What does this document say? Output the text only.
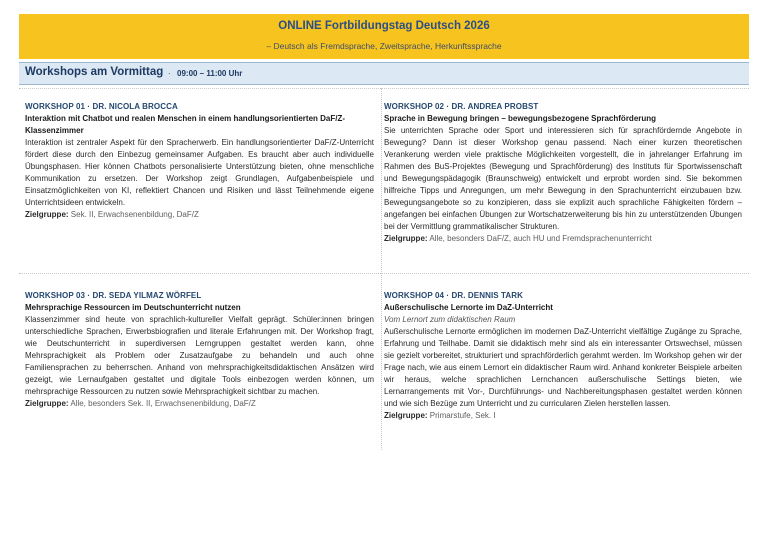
ONLINE Fortbildungstag Deutsch 2026
– Deutsch als Fremdsprache, Zweitsprache, Herkunftssprache
Workshops am Vormittag · 09:00 – 11:00 Uhr
WORKSHOP 01 · DR. NICOLA BROCCA
Interaktion mit Chatbot und realen Menschen in einem handlungsorientierten DaF/Z-Klassenzimmer
Interaktion ist zentraler Aspekt für den Spracherwerb. Ein handlungsorientierter DaF/Z-Unterricht fördert diese durch den Einbezug gemeinsamer Aufgaben. Es braucht aber auch individuelle Übungsphasen. Hier können Chatbots personalisierte Unterstützung bieten, ohne menschliche Kommunikation zu ersetzen. Der Workshop zeigt Grundlagen, Aufgabenbeispiele und Einsatzmöglichkeiten von KI, reflektiert Chancen und Risiken und lässt Teilnehmende eigene Unterrichtsideen entwickeln.
Zielgruppe: Sek. II, Erwachsenenbildung, DaF/Z
WORKSHOP 02 · DR. ANDREA PROBST
Sprache in Bewegung bringen – bewegungsbezogene Sprachförderung
Sie unterrichten Sprache oder Sport und interessieren sich für sprachfördernde Angebote in Bewegung? Dann ist dieser Workshop genau passend. Nach einer kurzen theoretischen Verankerung werden viele praktische Möglichkeiten vorgestellt, die in jahrelanger Erfahrung im Rahmen des BuS-Projektes (Bewegung und Sprachförderung) des Instituts für Sportwissenschaft und Bewegungspädagogik (Braunschweig) entwickelt und erprobt worden sind. Sie bekommen hilfreiche Tipps und Anregungen, um mehr Bewegung in den Sprachunterricht einzubauen bzw. Bewegungsangebote so zu konzipieren, dass sie explizit auch sprachliche Fähigkeiten fördern – angefangen bei einfachen Übungen zur Wortschatzerweiterung bis hin zu unterstützenden Übungen bei der Vermittlung grammatikalischer Strukturen.
Zielgruppe: Alle, besonders DaF/Z, auch HU und Fremdsprachenunterricht
WORKSHOP 03 · DR. SEDA YILMAZ WÖRFEL
Mehrsprachige Ressourcen im Deutschunterricht nutzen
Klassenzimmer sind heute von sprachlich-kultureller Vielfalt geprägt. Schüler:innen bringen unterschiedliche Sprachen, Erwerbsbiografien und literale Erfahrungen mit. Der Workshop fragt, wie Deutschunterricht in superdiversen Lerngruppen gestaltet werden kann, ohne Mehrsprachigkeit als Problem oder Zusatzaufgabe zu behandeln und auch ohne Familiensprachen zu beherrschen. Anhand von mehrsprachigkeitsdidaktischen Ansätzen wird gezeigt, wie Lernaufgaben gestaltet und digitale Tools einbezogen werden können, um mehrsprachige Ressourcen zu nutzen sowie Mehrsprachigkeit sichtbar zu machen.
Zielgruppe: Alle, besonders Sek. II, Erwachsenenbildung, DaF/Z
WORKSHOP 04 · DR. DENNIS TARK
Außerschulische Lernorte im DaZ-Unterricht
Vom Lernort zum didaktischen Raum
Außerschulische Lernorte ermöglichen im modernen DaZ-Unterricht vielfältige Zugänge zu Sprache, Erfahrung und Teilhabe. Damit sie didaktisch mehr sind als ein interessanter Ortswechsel, müssen sie gezielt vorbereitet, strukturiert und sprachförderlich gerahmt werden. Im Workshop gehen wir der Frage nach, wie aus einem Lernort ein didaktischer Raum wird. Anhand konkreter Beispiele arbeiten wir heraus, welche sprachlichen Lernchancen außerschulische Settings bieten, wie Lernarrangements mit Vor-, Durchführungs- und Nachbereitungsphasen gestaltet werden können und wie sich Bezüge zum Unterricht und zu curricularen Zielen herstellen lassen.
Zielgruppe: Primarstufe, Sek. I
